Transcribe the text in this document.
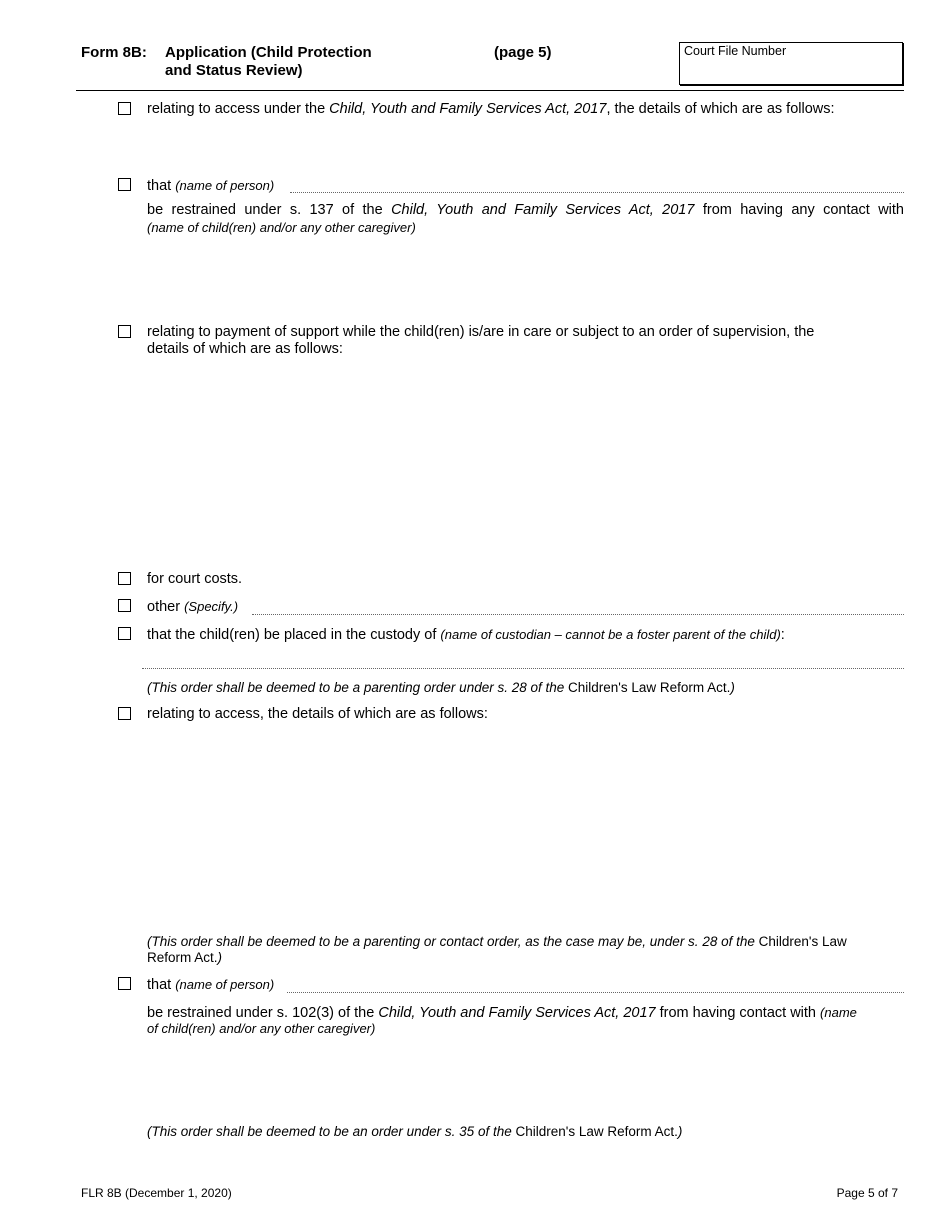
Form 8B: Application (Child Protection
and Status Review)
(page 5)	Court File Number
relating to access under the Child, Youth and Family Services Act, 2017, the details of which are as follows:
that (name of person)
be restrained under s. 137 of the Child, Youth and Family Services Act, 2017 from having any contact with
(name of child(ren) and/or any other caregiver)
relating to payment of support while the child(ren) is/are in care or subject to an order of supervision, the
details of which are as follows:
for court costs.
other (Specify.)
that the child(ren) be placed in the custody of (name of custodian – cannot be a foster parent of the child):
(This order shall be deemed to be a parenting order under s. 28 of the Children's Law Reform Act.)
relating to access, the details of which are as follows:
(This order shall be deemed to be a parenting or contact order, as the case may be, under s. 28 of the Children's Law
Reform Act.)
that (name of person)
be restrained under s. 102(3) of the Child, Youth and Family Services Act, 2017 from having contact with (name
of child(ren) and/or any other caregiver)
(This order shall be deemed to be an order under s. 35 of the Children's Law Reform Act.)
FLR 8B (December 1, 2020)	Page 5 of 7
